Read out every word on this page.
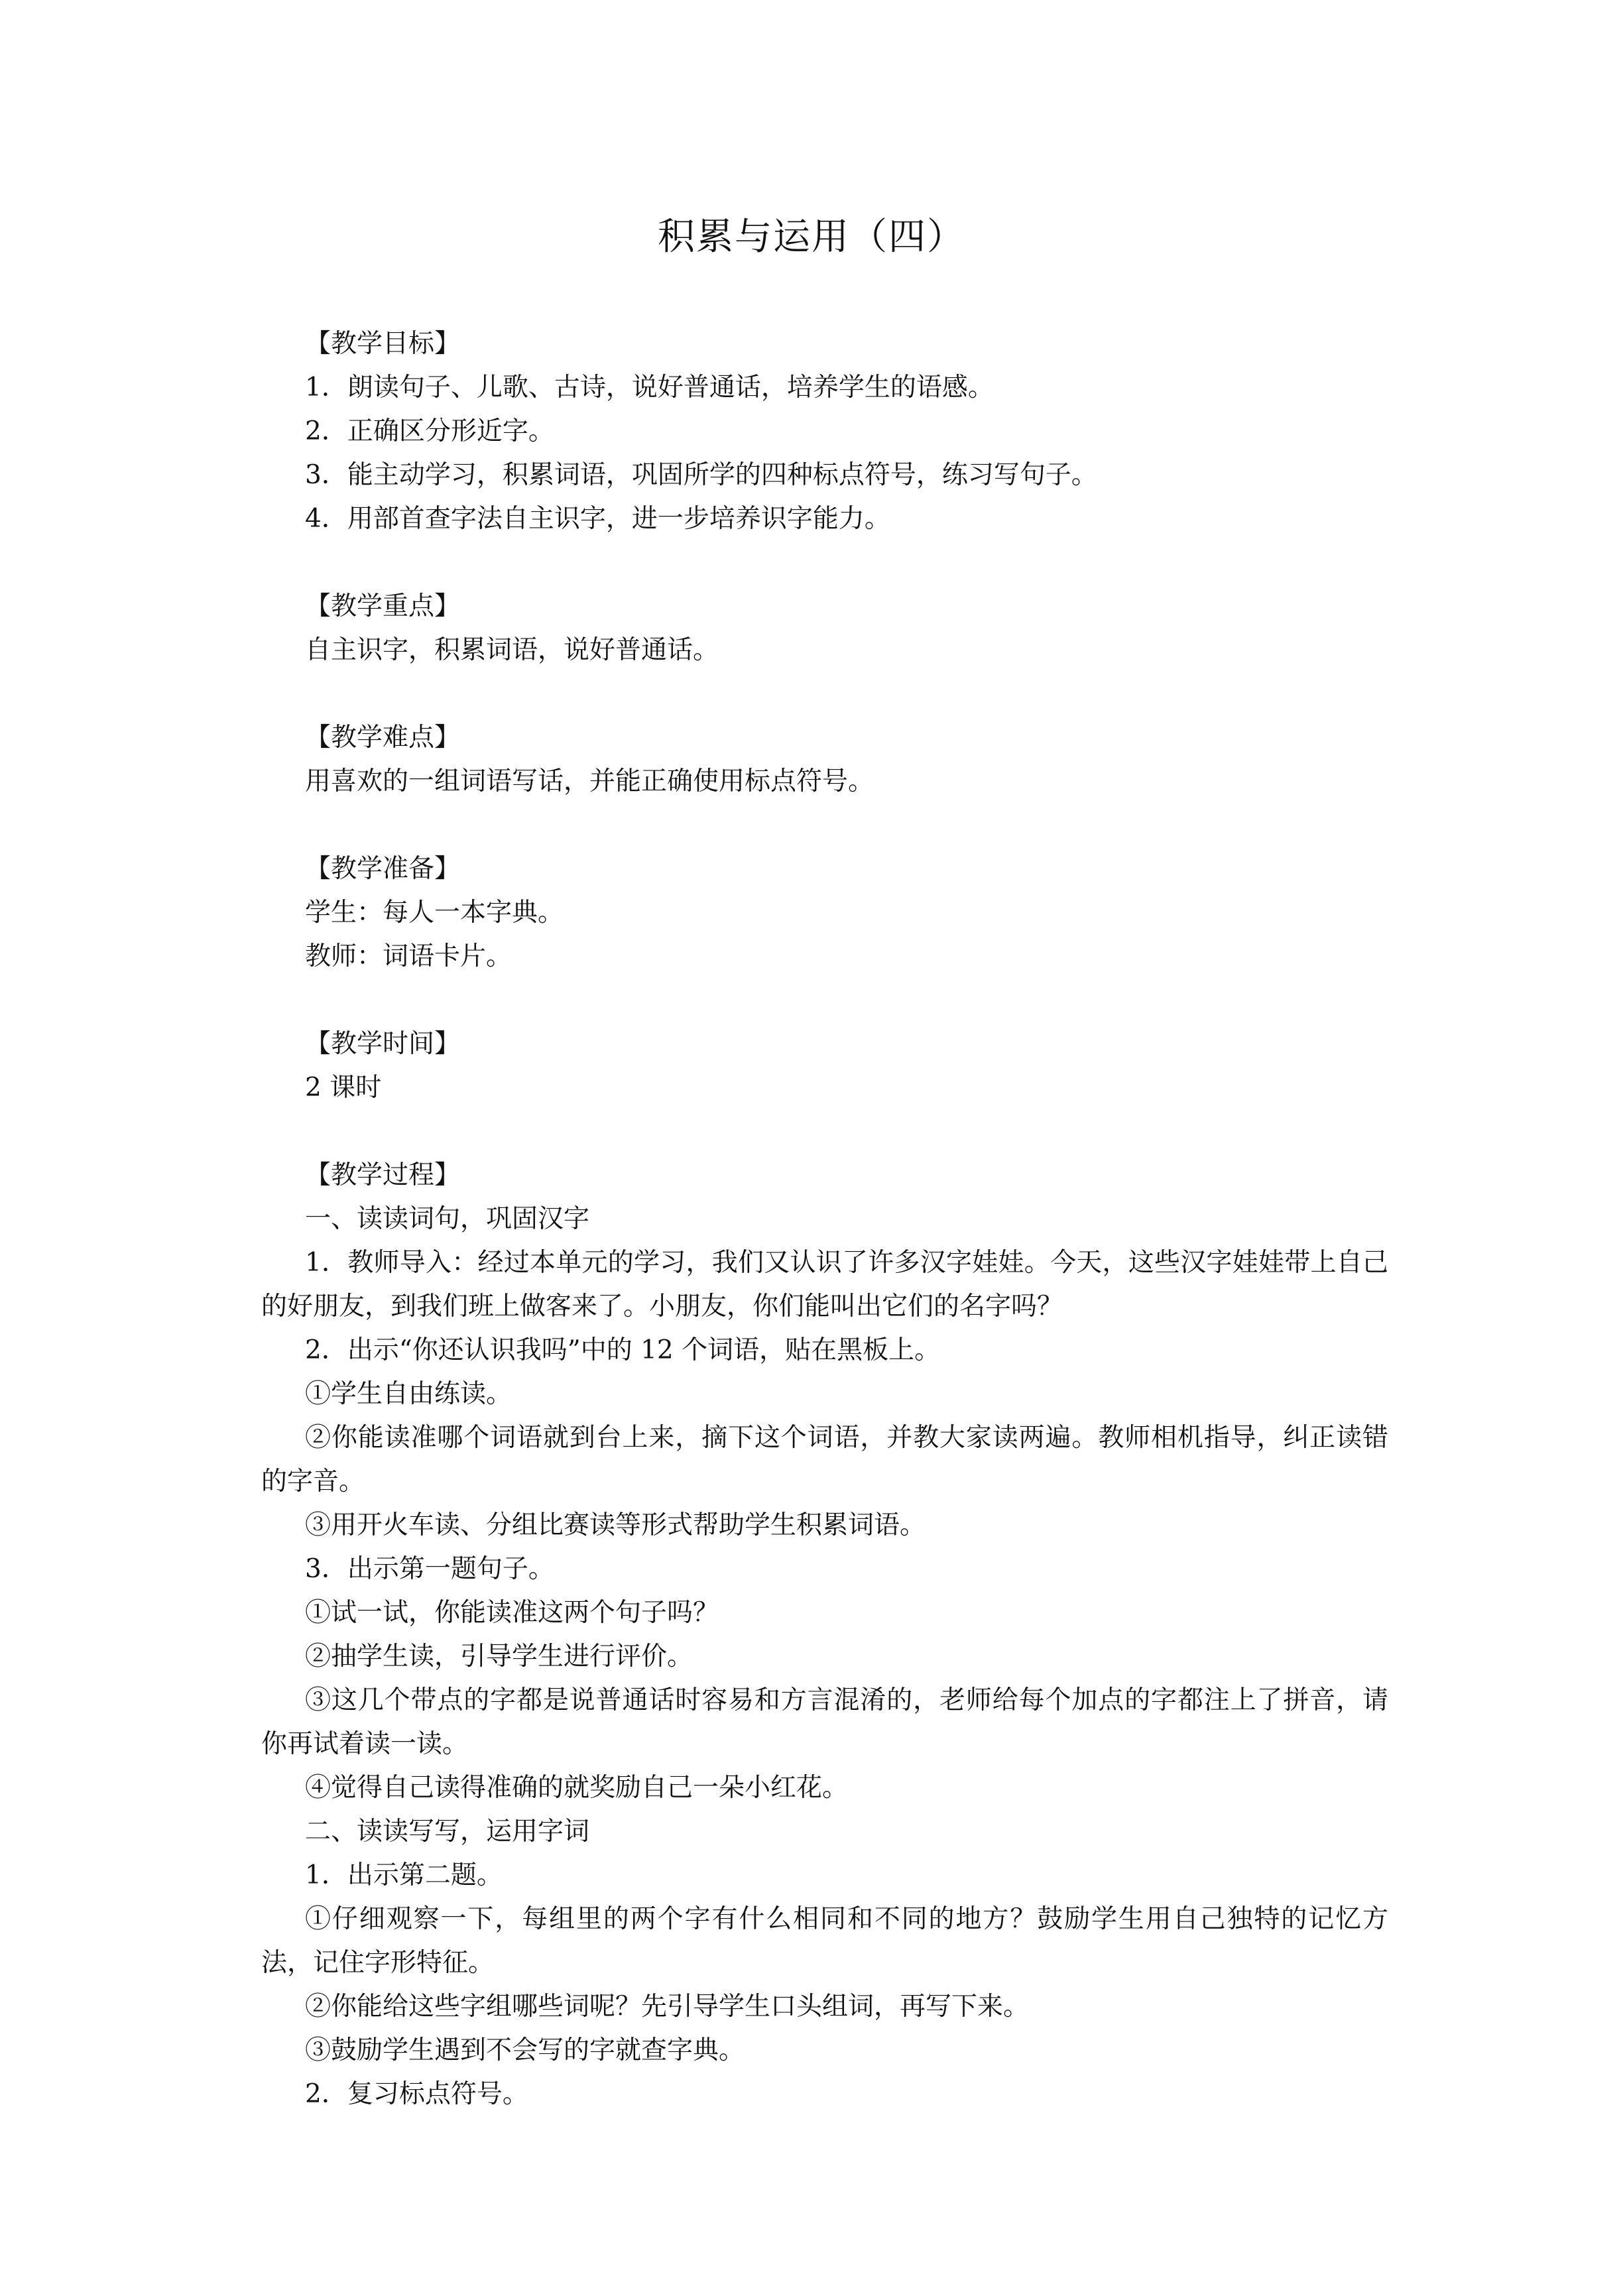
积累与运用（四）

【教学目标】

1．朗读句子、儿歌、古诗，说好普通话，培养学生的语感。

2．正确区分形近字。

3．能主动学习，积累词语，巩固所学的四种标点符号，练习写句子。

4．用部首查字法自主识字，进一步培养识字能力。

【教学重点】

自主识字，积累词语，说好普通话。

【教学难点】

用喜欢的一组词语写话，并能正确使用标点符号。

【教学准备】

学生：每人一本字典。

教师：词语卡片。

【教学时间】

2 课时

【教学过程】

一、读读词句，巩固汉字

1．教师导入：经过本单元的学习，我们又认识了许多汉字娃娃。今天，这些汉字娃娃带上自己的好朋友，到我们班上做客来了。小朋友，你们能叫出它们的名字吗？

2．出示“你还认识我吗”中的 12 个词语，贴在黑板上。

①学生自由练读。

②你能读准哪个词语就到台上来，摘下这个词语，并教大家读两遍。教师相机指导，纠正读错的字音。

③用开火车读、分组比赛读等形式帮助学生积累词语。

3．出示第一题句子。

①试一试，你能读准这两个句子吗？

②抽学生读，引导学生进行评价。

③这几个带点的字都是说普通话时容易和方言混淆的，老师给每个加点的字都注上了拼音，请你再试着读一读。

④觉得自己读得准确的就奖励自己一朵小红花。

二、读读写写，运用字词

1．出示第二题。

①仔细观察一下，每组里的两个字有什么相同和不同的地方？鼓励学生用自己独特的记忆方法，记住字形特征。

②你能给这些字组哪些词呢？先引导学生口头组词，再写下来。

③鼓励学生遇到不会写的字就查字典。

2．复习标点符号。
